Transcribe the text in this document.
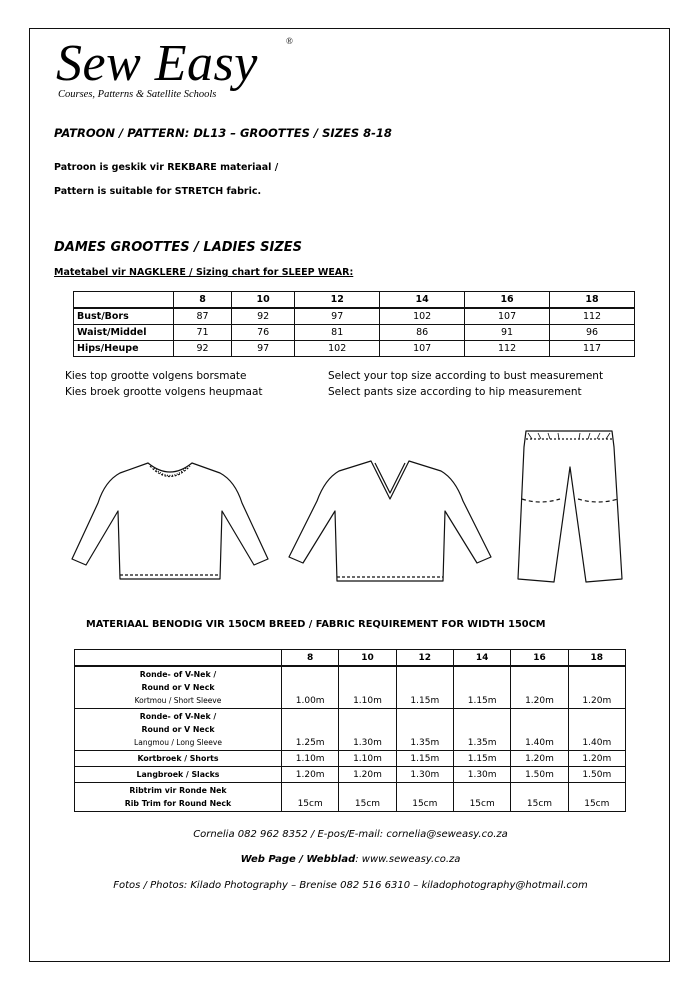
Sew Easy	®
Courses, Patterns & Satellite Schools
PATROON / PATTERN: DL13 – GROOTTES / SIZES 8-18
Patroon is geskik vir REKBARE materiaal /
Pattern is suitable for STRETCH fabric.
DAMES GROOTTES / LADIES SIZES
Matetabel vir NAGKLERE / Sizing chart for SLEEP WEAR:
	8	10	12	14	16	18
Bust/Bors	87	92	97	102	107	112
Waist/Middel	71	76	81	86	91	96
Hips/Heupe	92	97	102	107	112	117
Kies top grootte volgens borsmate
Kies broek grootte volgens heupmaat
Select your top size according to bust measurement
Select pants size according to hip measurement
MATERIAAL BENODIG VIR 150CM BREED / FABRIC REQUIREMENT FOR WIDTH 150CM
	8	10	12	14	16	18
Ronde- of V-Nek /
Round or V Neck
Kortmou / Short Sleeve	1.00m	1.10m	1.15m	1.15m	1.20m	1.20m
Ronde- of V-Nek /
Round or V Neck
Langmou / Long Sleeve	1.25m	1.30m	1.35m	1.35m	1.40m	1.40m
Kortbroek / Shorts	1.10m	1.10m	1.15m	1.15m	1.20m	1.20m
Langbroek / Slacks	1.20m	1.20m	1.30m	1.30m	1.50m	1.50m
Ribtrim vir Ronde Nek
Rib Trim for Round Neck	15cm	15cm	15cm	15cm	15cm	15cm
Cornelia 082 962 8352 / E-pos/E-mail: cornelia@seweasy.co.za
Web Page / Webblad: www.seweasy.co.za
Fotos / Photos: Kilado Photography – Brenise 082 516 6310 – kiladophotography@hotmail.com
